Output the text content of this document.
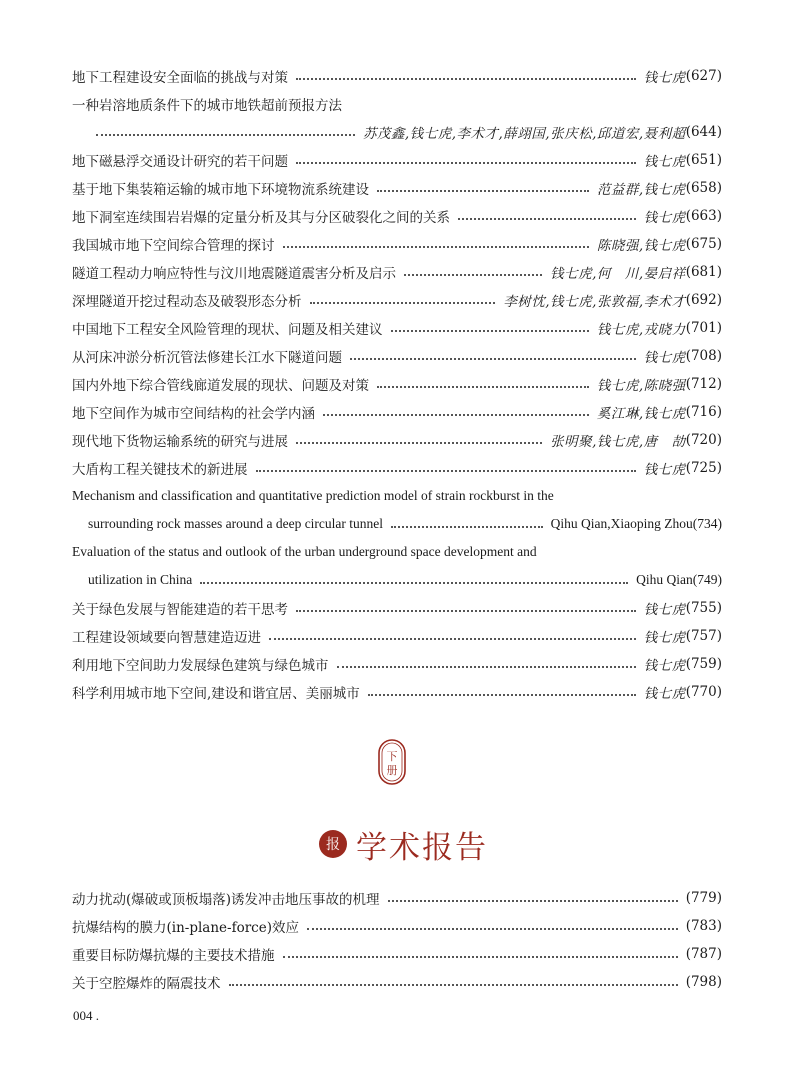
地下工程建设安全面临的挑战与对策	钱七虎 (627)
一种岩溶地质条件下的城市地铁超前预报方法
苏茂鑫,钱七虎,李术才,薛翊国,张庆松,邱道宏,聂利超 (644)
地下磁悬浮交通设计研究的若干问题	钱七虎 (651)
基于地下集装箱运输的城市地下环境物流系统建设	范益群,钱七虎 (658)
地下洞室连续围岩岩爆的定量分析及其与分区破裂化之间的关系	钱七虎 (663)
我国城市地下空间综合管理的探讨	陈晓强,钱七虎 (675)
隧道工程动力响应特性与汶川地震隧道震害分析及启示	钱七虎,何　川,晏启祥 (681)
深埋隧道开挖过程动态及破裂形态分析	李树忱,钱七虎,张敦福,李术才 (692)
中国地下工程安全风险管理的现状、问题及相关建议	钱七虎,戎晓力 (701)
从河床冲淤分析沉管法修建长江水下隧道问题	钱七虎 (708)
国内外地下综合管线廊道发展的现状、问题及对策	钱七虎,陈晓强 (712)
地下空间作为城市空间结构的社会学内涵	奚江琳,钱七虎 (716)
现代地下货物运输系统的研究与进展	张明聚,钱七虎,唐　劼 (720)
大盾构工程关键技术的新进展	钱七虎 (725)
Mechanism and classification and quantitative prediction model of strain rockburst in the
surrounding rock masses around a deep circular tunnel	Qihu Qian,Xiaoping Zhou (734)
Evaluation of the status and outlook of the urban underground space development and
utilization in China	Qihu Qian (749)
关于绿色发展与智能建造的若干思考	钱七虎 (755)
工程建设领域要向智慧建造迈进	钱七虎 (757)
利用地下空间助力发展绿色建筑与绿色城市	钱七虎 (759)
科学利用城市地下空间,建设和谐宜居、美丽城市	钱七虎 (770)
下
册
报 学术报告
动力扰动(爆破或顶板塌落)诱发冲击地压事故的机理	(779)
抗爆结构的膜力(in-plane-force)效应	(783)
重要目标防爆抗爆的主要技术措施	(787)
关于空腔爆炸的隔震技术	(798)
004 .
